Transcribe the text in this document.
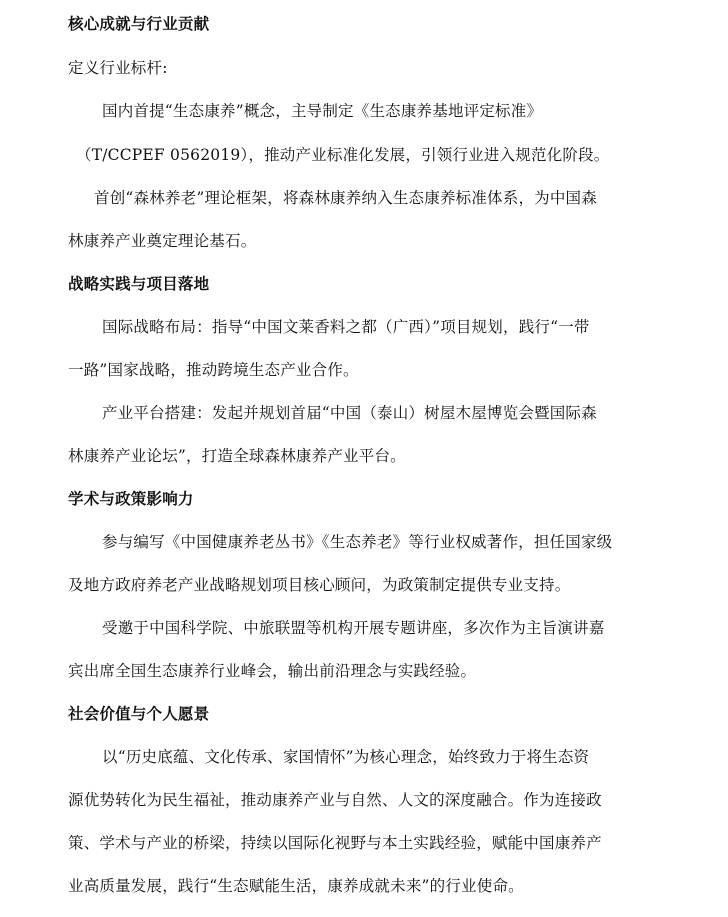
核心成就与行业贡献
定义行业标杆:
国内首提“生态康养”概念，主导制定《生态康养基地评定标准》
（T/CCPEF 0562019），推动产业标准化发展，引领行业进入规范化阶段。
首创“森林养老”理论框架，将森林康养纳入生态康养标准体系，为中国森
林康养产业奠定理论基石。
战略实践与项目落地
国际战略布局：指导“中国文莱香料之都（广西）”项目规划，践行“一带
一路”国家战略，推动跨境生态产业合作。
产业平台搭建：发起并规划首届“中国（泰山）树屋木屋博览会暨国际森
林康养产业论坛”，打造全球森林康养产业平台。
学术与政策影响力
参与编写《中国健康养老丛书》《生态养老》等行业权威著作，担任国家级
及地方政府养老产业战略规划项目核心顾问，为政策制定提供专业支持。
受邀于中国科学院、中旅联盟等机构开展专题讲座，多次作为主旨演讲嘉
宾出席全国生态康养行业峰会，输出前沿理念与实践经验。
社会价值与个人愿景
以“历史底蕴、文化传承、家国情怀”为核心理念，始终致力于将生态资
源优势转化为民生福祉，推动康养产业与自然、人文的深度融合。作为连接政
策、学术与产业的桥梁，持续以国际化视野与本土实践经验，赋能中国康养产
业高质量发展，践行“生态赋能生活，康养成就未来”的行业使命。
